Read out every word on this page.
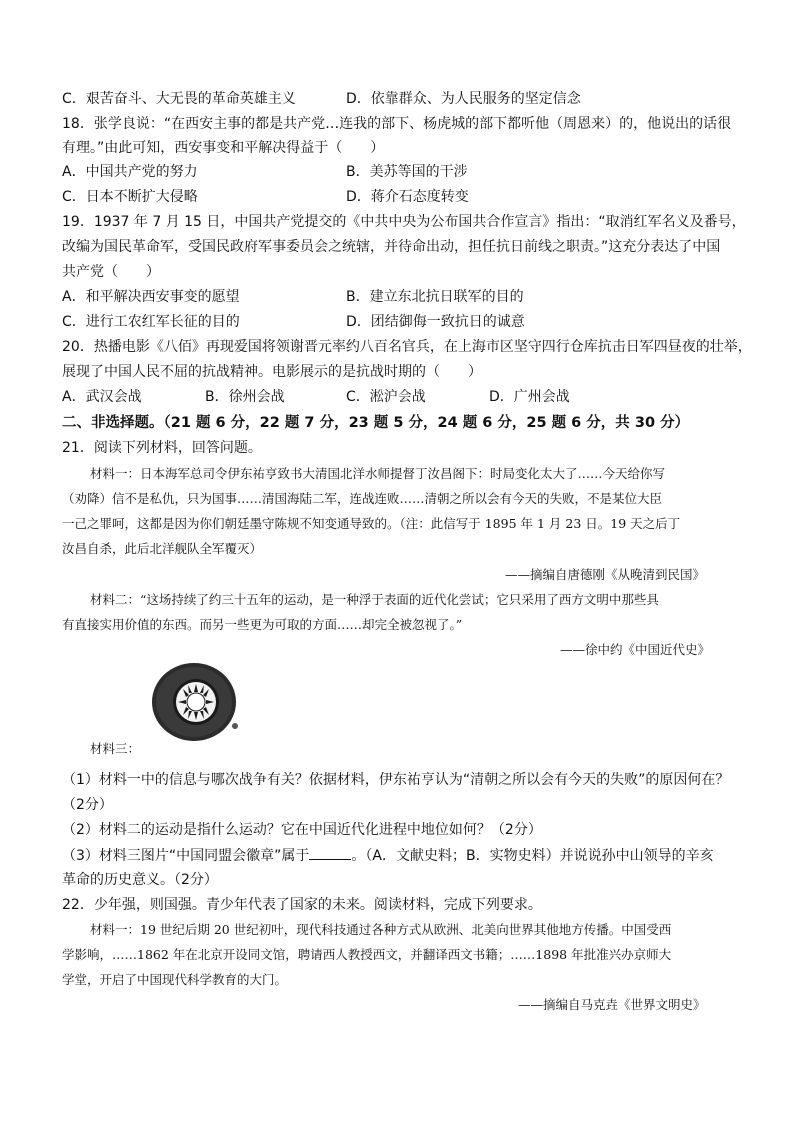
C．艰苦奋斗、大无畏的革命英雄主义	D．依靠群众、为人民服务的坚定信念
18．张学良说：“在西安主事的都是共产党…连我的部下、杨虎城的部下都听他（周恩来）的，他说出的话很
有理。”由此可知，西安事变和平解决得益于（　　）
A．中国共产党的努力	B．美苏等国的干涉
C．日本不断扩大侵略	D．蒋介石态度转变
19．1937 年 7 月 15 日，中国共产党提交的《中共中央为公布国共合作宣言》指出：“取消红军名义及番号，
改编为国民革命军，受国民政府军事委员会之统辖，并待命出动，担任抗日前线之职责。”这充分表达了中国
共产党（　　）
A．和平解决西安事变的愿望	B．建立东北抗日联军的目的
C．进行工农红军长征的目的	D．团结御侮一致抗日的诚意
20．热播电影《八佰》再现爱国将领谢晋元率约八百名官兵，在上海市区坚守四行仓库抗击日军四昼夜的壮举，
展现了中国人民不屈的抗战精神。电影展示的是抗战时期的（　　）
A．武汉会战	B．徐州会战	C．淞沪会战	D．广州会战
二、非选择题。（21 题 6 分，22 题 7 分，23 题 5 分，24 题 6 分，25 题 6 分，共 30 分）
21．阅读下列材料，回答问题。
材料一：日本海军总司令伊东祐亨致书大清国北洋水师提督丁汝昌阁下：时局变化太大了……今天给你写
（劝降）信不是私仇，只为国事……清国海陆二军，连战连败……清朝之所以会有今天的失败，不是某位大臣
一己之罪呵，这都是因为你们朝廷墨守陈规不知变通导致的。（注：此信写于 1895 年 1 月 23 日。19 天之后丁
汝昌自杀，此后北洋舰队全军覆灭）
——摘编自唐德刚《从晚清到民国》
材料二：“这场持续了约三十五年的运动，是一种浮于表面的近代化尝试；它只采用了西方文明中那些具
有直接实用价值的东西。而另一些更为可取的方面……却完全被忽视了。”
——徐中约《中国近代史》
材料三：
（1）材料一中的信息与哪次战争有关？依据材料，伊东祐亨认为“清朝之所以会有今天的失败”的原因何在？
（2分）
（2）材料二的运动是指什么运动？它在中国近代化进程中地位如何？（2分）
（3）材料三图片“中国同盟会徽章”属于	。（A．文献史料；B．实物史料）并说说孙中山领导的辛亥
革命的历史意义。（2分）
22．少年强，则国强。青少年代表了国家的未来。阅读材料，完成下列要求。
材料一：19 世纪后期 20 世纪初叶，现代科技通过各种方式从欧洲、北美向世界其他地方传播。中国受西
学影响，……1862 年在北京开设同文馆，聘请西人教授西文，并翻译西文书籍；……1898 年批准兴办京师大
学堂，开启了中国现代科学教育的大门。
——摘编自马克垚《世界文明史》
